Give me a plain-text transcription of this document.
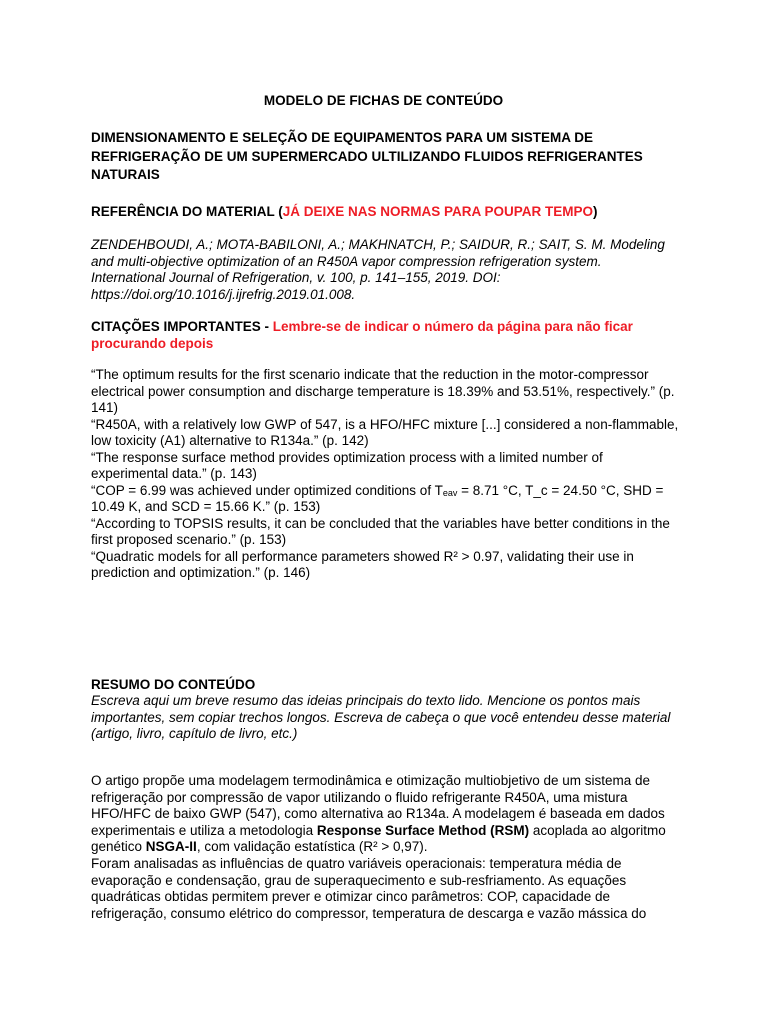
MODELO DE FICHAS DE CONTEÚDO
DIMENSIONAMENTO E SELEÇÃO DE EQUIPAMENTOS PARA UM SISTEMA DE REFRIGERAÇÃO DE UM SUPERMERCADO ULTILIZANDO FLUIDOS REFRIGERANTES NATURAIS
REFERÊNCIA DO MATERIAL (JÁ DEIXE NAS NORMAS PARA POUPAR TEMPO)
ZENDEHBOUDI, A.; MOTA-BABILONI, A.; MAKHNATCH, P.; SAIDUR, R.; SAIT, S. M. Modeling and multi-objective optimization of an R450A vapor compression refrigeration system. International Journal of Refrigeration, v. 100, p. 141–155, 2019. DOI: https://doi.org/10.1016/j.ijrefrig.2019.01.008.
CITAÇÕES IMPORTANTES - Lembre-se de indicar o número da página para não ficar procurando depois
“The optimum results for the first scenario indicate that the reduction in the motor-compressor electrical power consumption and discharge temperature is 18.39% and 53.51%, respectively.” (p. 141)
“R450A, with a relatively low GWP of 547, is a HFO/HFC mixture [...] considered a non-flammable, low toxicity (A1) alternative to R134a.” (p. 142)
“The response surface method provides optimization process with a limited number of experimental data.” (p. 143)
“COP = 6.99 was achieved under optimized conditions of $T_{eav} = 8.71$ °C, T_c = 24.50 °C, SHD = 10.49 K, and SCD = 15.66 K.” (p. 153)
“According to TOPSIS results, it can be concluded that the variables have better conditions in the first proposed scenario.” (p. 153)
“Quadratic models for all performance parameters showed R² > 0.97, validating their use in prediction and optimization.” (p. 146)
RESUMO DO CONTEÚDO
Escreva aqui um breve resumo das ideias principais do texto lido. Mencione os pontos mais importantes, sem copiar trechos longos. Escreva de cabeça o que você entendeu desse material (artigo, livro, capítulo de livro, etc.)
O artigo propõe uma modelagem termodinâmica e otimização multiobjetivo de um sistema de refrigeração por compressão de vapor utilizando o fluido refrigerante R450A, uma mistura HFO/HFC de baixo GWP (547), como alternativa ao R134a. A modelagem é baseada em dados experimentais e utiliza a metodologia Response Surface Method (RSM) acoplada ao algoritmo genético NSGA-II, com validação estatística (R² > 0,97).
Foram analisadas as influências de quatro variáveis operacionais: temperatura média de evaporação e condensação, grau de superaquecimento e sub-resfriamento. As equações quadráticas obtidas permitem prever e otimizar cinco parâmetros: COP, capacidade de refrigeração, consumo elétrico do compressor, temperatura de descarga e vazão mássica do
